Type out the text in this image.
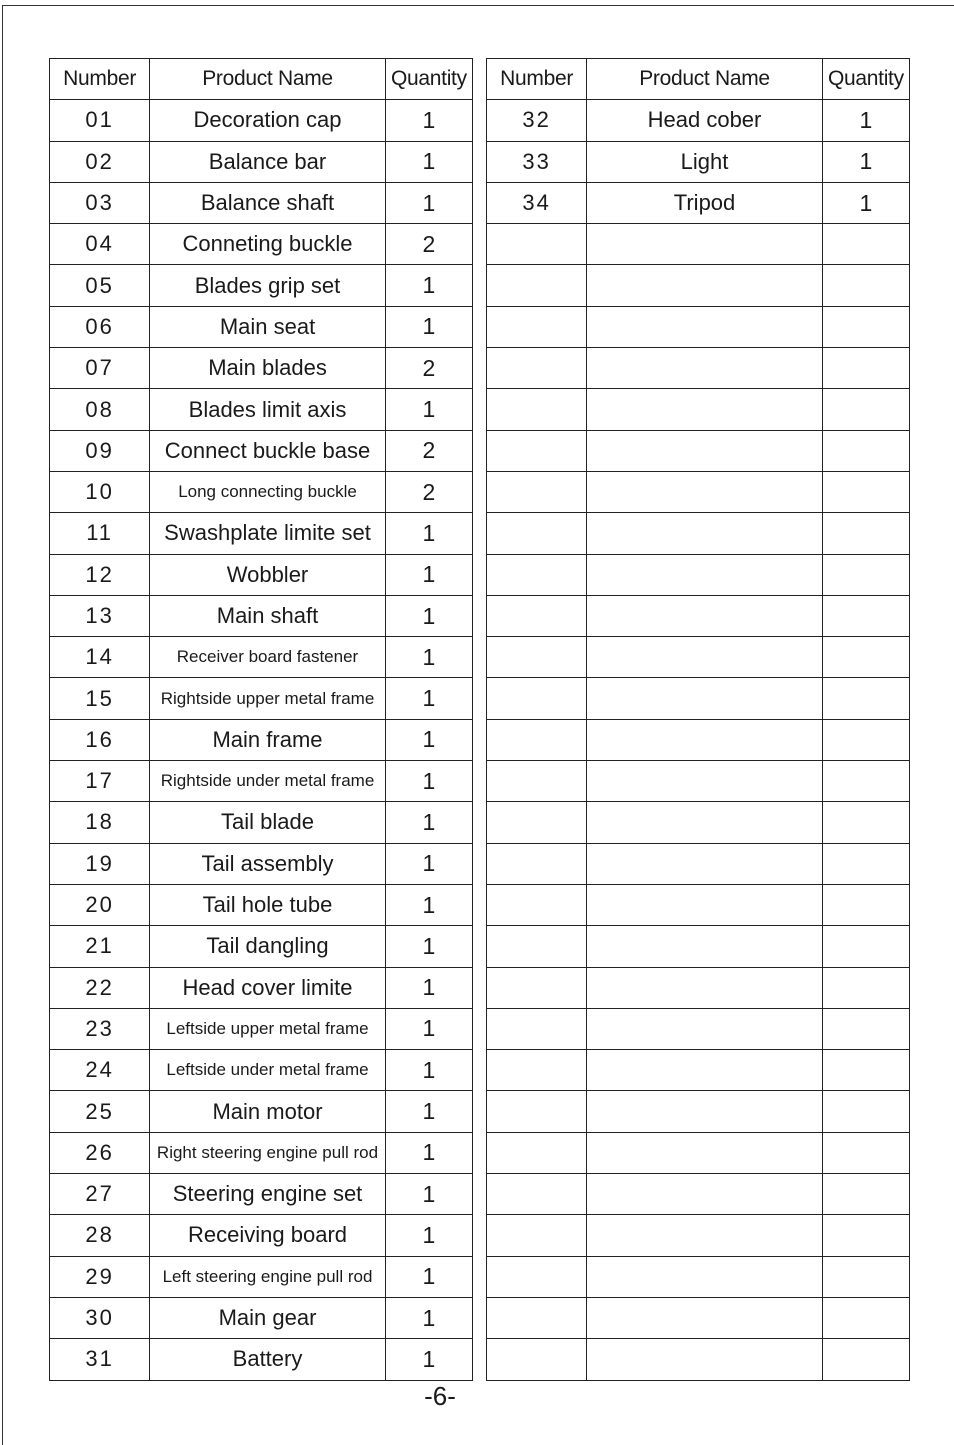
Number	Product Name	Quantity
01	Decoration cap	1
02	Balance bar	1
03	Balance shaft	1
04	Conneting buckle	2
05	Blades grip set	1
06	Main seat	1
07	Main blades	2
08	Blades limit axis	1
09	Connect buckle base	2
10	Long connecting buckle	2
11	Swashplate limite set	1
12	Wobbler	1
13	Main shaft	1
14	Receiver board fastener	1
15	Rightside upper metal frame	1
16	Main frame	1
17	Rightside under metal frame	1
18	Tail blade	1
19	Tail assembly	1
20	Tail hole tube	1
21	Tail dangling	1
22	Head cover limite	1
23	Leftside upper metal frame	1
24	Leftside under metal frame	1
25	Main motor	1
26	Right steering engine pull rod	1
27	Steering engine set	1
28	Receiving board	1
29	Left steering engine pull rod	1
30	Main gear	1
31	Battery	1
Number	Product Name	Quantity
32	Head cober	1
33	Light	1
34	Tripod	1

-6-
